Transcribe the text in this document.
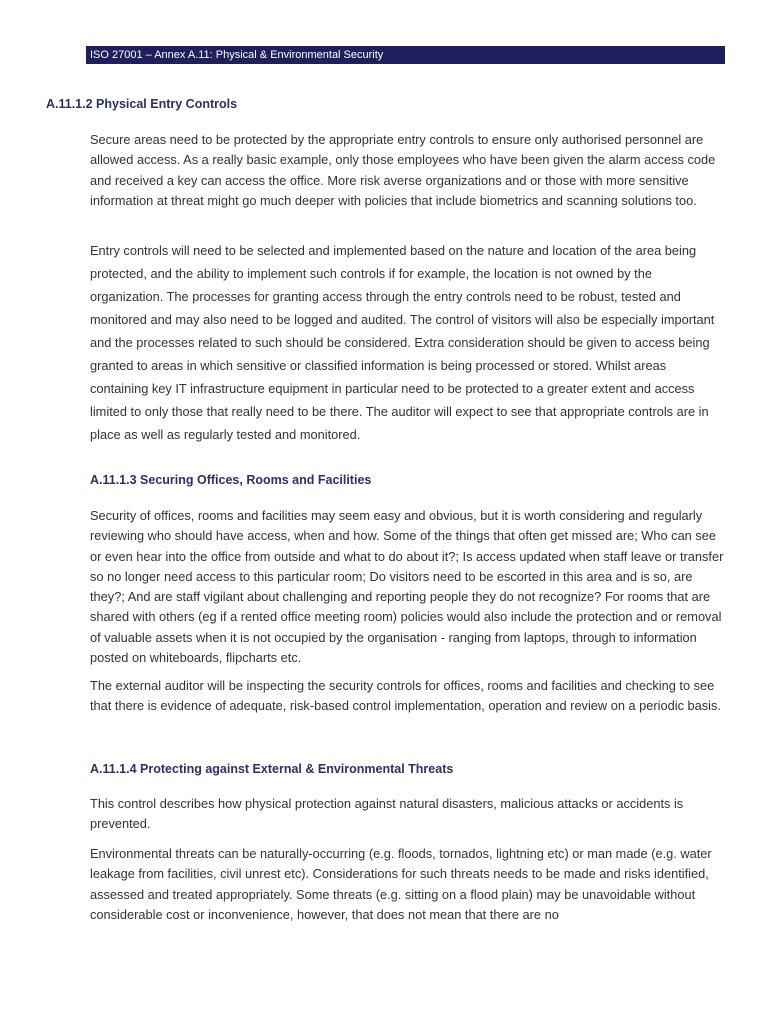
ISO 27001 – Annex A.11: Physical & Environmental Security
A.11.1.2 Physical Entry Controls

Secure areas need to be protected by the appropriate entry controls to ensure only authorised personnel are allowed access. As a really basic example, only those employees who have been given the alarm access code and received a key can access the office. More risk averse organizations and or those with more sensitive information at threat might go much deeper with policies that include biometrics and scanning solutions too.

Entry controls will need to be selected and implemented based on the nature and location of the area being protected, and the ability to implement such controls if for example, the location is not owned by the organization. The processes for granting access through the entry controls need to be robust, tested and monitored and may also need to be logged and audited. The control of visitors will also be especially important and the processes related to such should be considered. Extra consideration should be given to access being granted to areas in which sensitive or classified information is being processed or stored. Whilst areas containing key IT infrastructure equipment in particular need to be protected to a greater extent and access limited to only those that really need to be there. The auditor will expect to see that appropriate controls are in place as well as regularly tested and monitored.

A.11.1.3 Securing Offices, Rooms and Facilities

Security of offices, rooms and facilities may seem easy and obvious, but it is worth considering and regularly reviewing who should have access, when and how. Some of the things that often get missed are; Who can see or even hear into the office from outside and what to do about it?; Is access updated when staff leave or transfer so no longer need access to this particular room; Do visitors need to be escorted in this area and is so, are they?; And are staff vigilant about challenging and reporting people they do not recognize? For rooms that are shared with others (eg if a rented office meeting room) policies would also include the protection and or removal of valuable assets when it is not occupied by the organisation - ranging from laptops, through to information posted on whiteboards, flipcharts etc.

The external auditor will be inspecting the security controls for offices, rooms and facilities and checking to see that there is evidence of adequate, risk-based control implementation, operation and review on a periodic basis.

A.11.1.4 Protecting against External & Environmental Threats

This control describes how physical protection against natural disasters, malicious attacks or accidents is prevented.

Environmental threats can be naturally-occurring (e.g. floods, tornados, lightning etc) or man made (e.g. water leakage from facilities, civil unrest etc). Considerations for such threats needs to be made and risks identified, assessed and treated appropriately. Some threats (e.g. sitting on a flood plain) may be unavoidable without considerable cost or inconvenience, however, that does not mean that there are no
